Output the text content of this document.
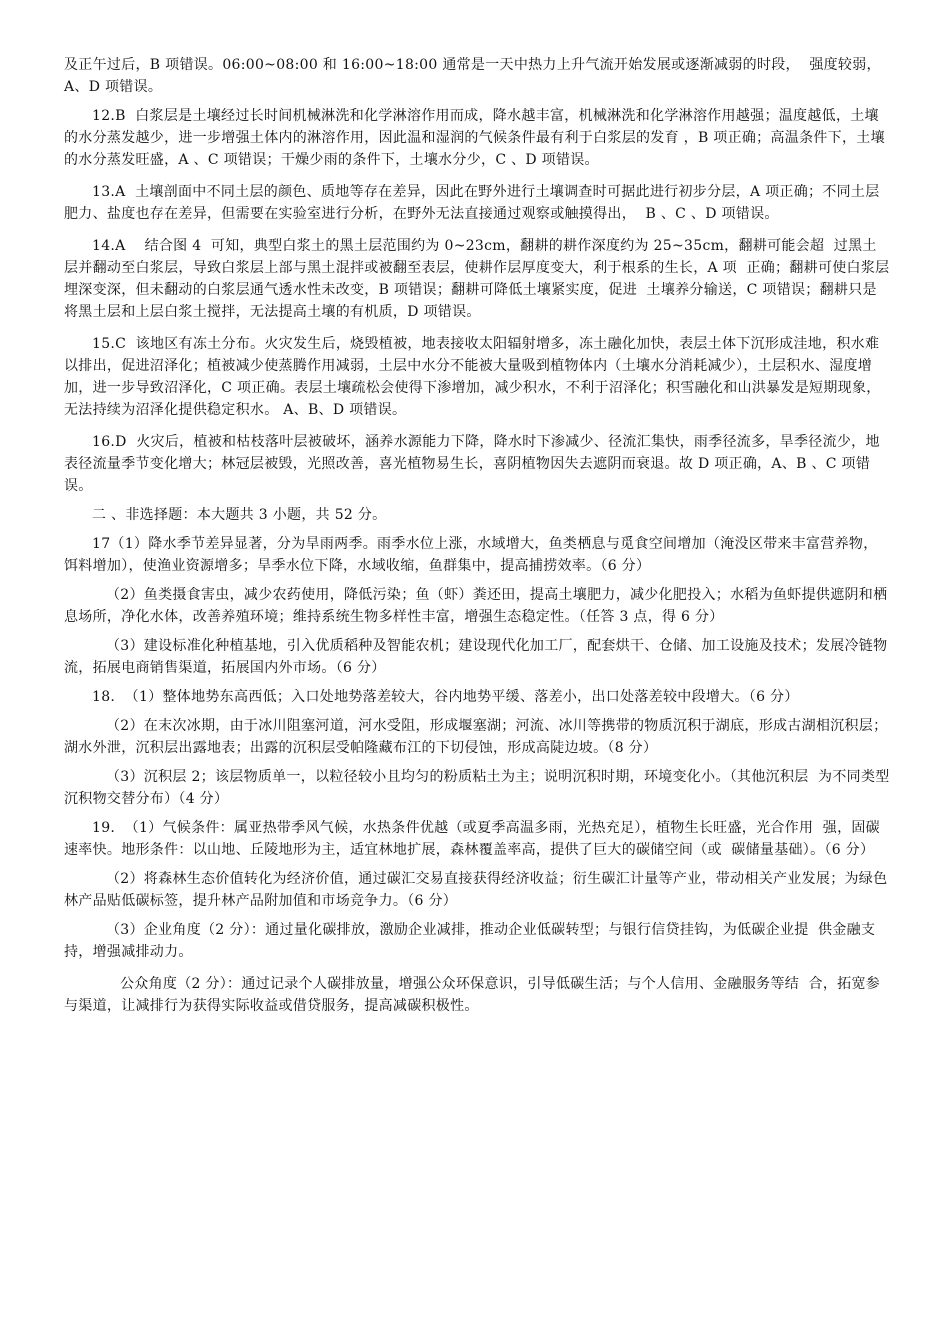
及正午过后，B 项错误。06:00~08:00 和 16:00~18:00 通常是一天中热力上升气流开始发展或逐渐减弱的时段，  强度较弱，A、D 项错误。

12.B  白浆层是土壤经过长时间机械淋洗和化学淋溶作用而成，降水越丰富，机械淋洗和化学淋溶作用越强；温度越低，土壤的水分蒸发越少，进一步增强土体内的淋溶作用，因此温和湿润的气候条件最有利于白浆层的发育 ，B 项正确；高温条件下，土壤的水分蒸发旺盛，A 、C 项错误；干燥少雨的条件下，土壤水分少，C 、D 项错误。

13.A  土壤剖面中不同土层的颜色、质地等存在差异，因此在野外进行土壤调查时可据此进行初步分层，A 项正确；不同土层肥力、盐度也存在差异，但需要在实验室进行分析，在野外无法直接通过观察或触摸得出，  B 、C 、D 项错误。

14.A    结合图 4  可知，典型白浆土的黑土层范围约为 0~23cm，翻耕的耕作深度约为 25~35cm，翻耕可能会超  过黑土层并翻动至白浆层，导致白浆层上部与黑土混拌或被翻至表层，使耕作层厚度变大，利于根系的生长，A 项  正确；翻耕可使白浆层埋深变深，但未翻动的白浆层通气透水性未改变，B 项错误；翻耕可降低土壤紧实度，促进  土壤养分输送，C 项错误；翻耕只是将黑土层和上层白浆土搅拌，无法提高土壤的有机质，D 项错误。

15.C  该地区有冻土分布。火灾发生后，烧毁植被，地表接收太阳辐射增多，冻土融化加快，表层土体下沉形成洼地，积水难以排出，促进沼泽化；植被减少使蒸腾作用减弱，土层中水分不能被大量吸到植物体内（土壤水分消耗减少），土层积水、湿度增加，进一步导致沼泽化，C 项正确。表层土壤疏松会使得下渗增加，减少积水，不利于沼泽化；积雪融化和山洪暴发是短期现象，无法持续为沼泽化提供稳定积水。 A、B、D 项错误。

16.D  火灾后，植被和枯枝落叶层被破坏，涵养水源能力下降，降水时下渗减少、径流汇集快，雨季径流多，旱季径流少，地表径流量季节变化增大；林冠层被毁，光照改善，喜光植物易生长，喜阴植物因失去遮阴而衰退。故 D 项正确，A、B 、C 项错误。

二 、非选择题：本大题共 3 小题，共 52 分。

17（1）降水季节差异显著，分为旱雨两季。雨季水位上涨，水域增大，鱼类栖息与觅食空间增加（淹没区带来丰富营养物，饵料增加），使渔业资源增多；旱季水位下降，水域收缩，鱼群集中，提高捕捞效率。（6 分）

（2）鱼类摄食害虫，减少农药使用，降低污染；鱼（虾）粪还田，提高土壤肥力，减少化肥投入；水稻为鱼虾提供遮阴和栖息场所，净化水体，改善养殖环境；维持系统生物多样性丰富，增强生态稳定性。（任答 3 点，得 6 分）

（3）建设标准化种植基地，引入优质稻种及智能农机；建设现代化加工厂，配套烘干、仓储、加工设施及技术；发展冷链物流，拓展电商销售渠道，拓展国内外市场。（6 分）

18.  （1）整体地势东高西低；入口处地势落差较大，谷内地势平缓、落差小，出口处落差较中段增大。（6 分）

（2）在末次冰期，由于冰川阻塞河道，河水受阻，形成堰塞湖；河流、冰川等携带的物质沉积于湖底，形成古湖相沉积层；湖水外泄，沉积层出露地表；出露的沉积层受帕隆藏布江的下切侵蚀，形成高陡边坡。（8 分）

（3）沉积层 2；该层物质单一，以粒径较小且均匀的粉质粘土为主；说明沉积时期，环境变化小。（其他沉积层  为不同类型沉积物交替分布）（4 分）

19.  （1）气候条件：属亚热带季风气候，水热条件优越（或夏季高温多雨，光热充足），植物生长旺盛，光合作用  强，固碳速率快。地形条件：以山地、丘陵地形为主，适宜林地扩展，森林覆盖率高，提供了巨大的碳储空间（或  碳储量基础）。（6 分）

（2）将森林生态价值转化为经济价值，通过碳汇交易直接获得经济收益；衍生碳汇计量等产业，带动相关产业发展；为绿色林产品贴低碳标签，提升林产品附加值和市场竞争力。（6 分）

（3）企业角度（2 分）：通过量化碳排放，激励企业减排，推动企业低碳转型；与银行信贷挂钩，为低碳企业提  供金融支持，增强减排动力。

公众角度（2 分）：通过记录个人碳排放量，增强公众环保意识，引导低碳生活；与个人信用、金融服务等结  合，拓宽参与渠道，让减排行为获得实际收益或借贷服务，提高减碳积极性。
